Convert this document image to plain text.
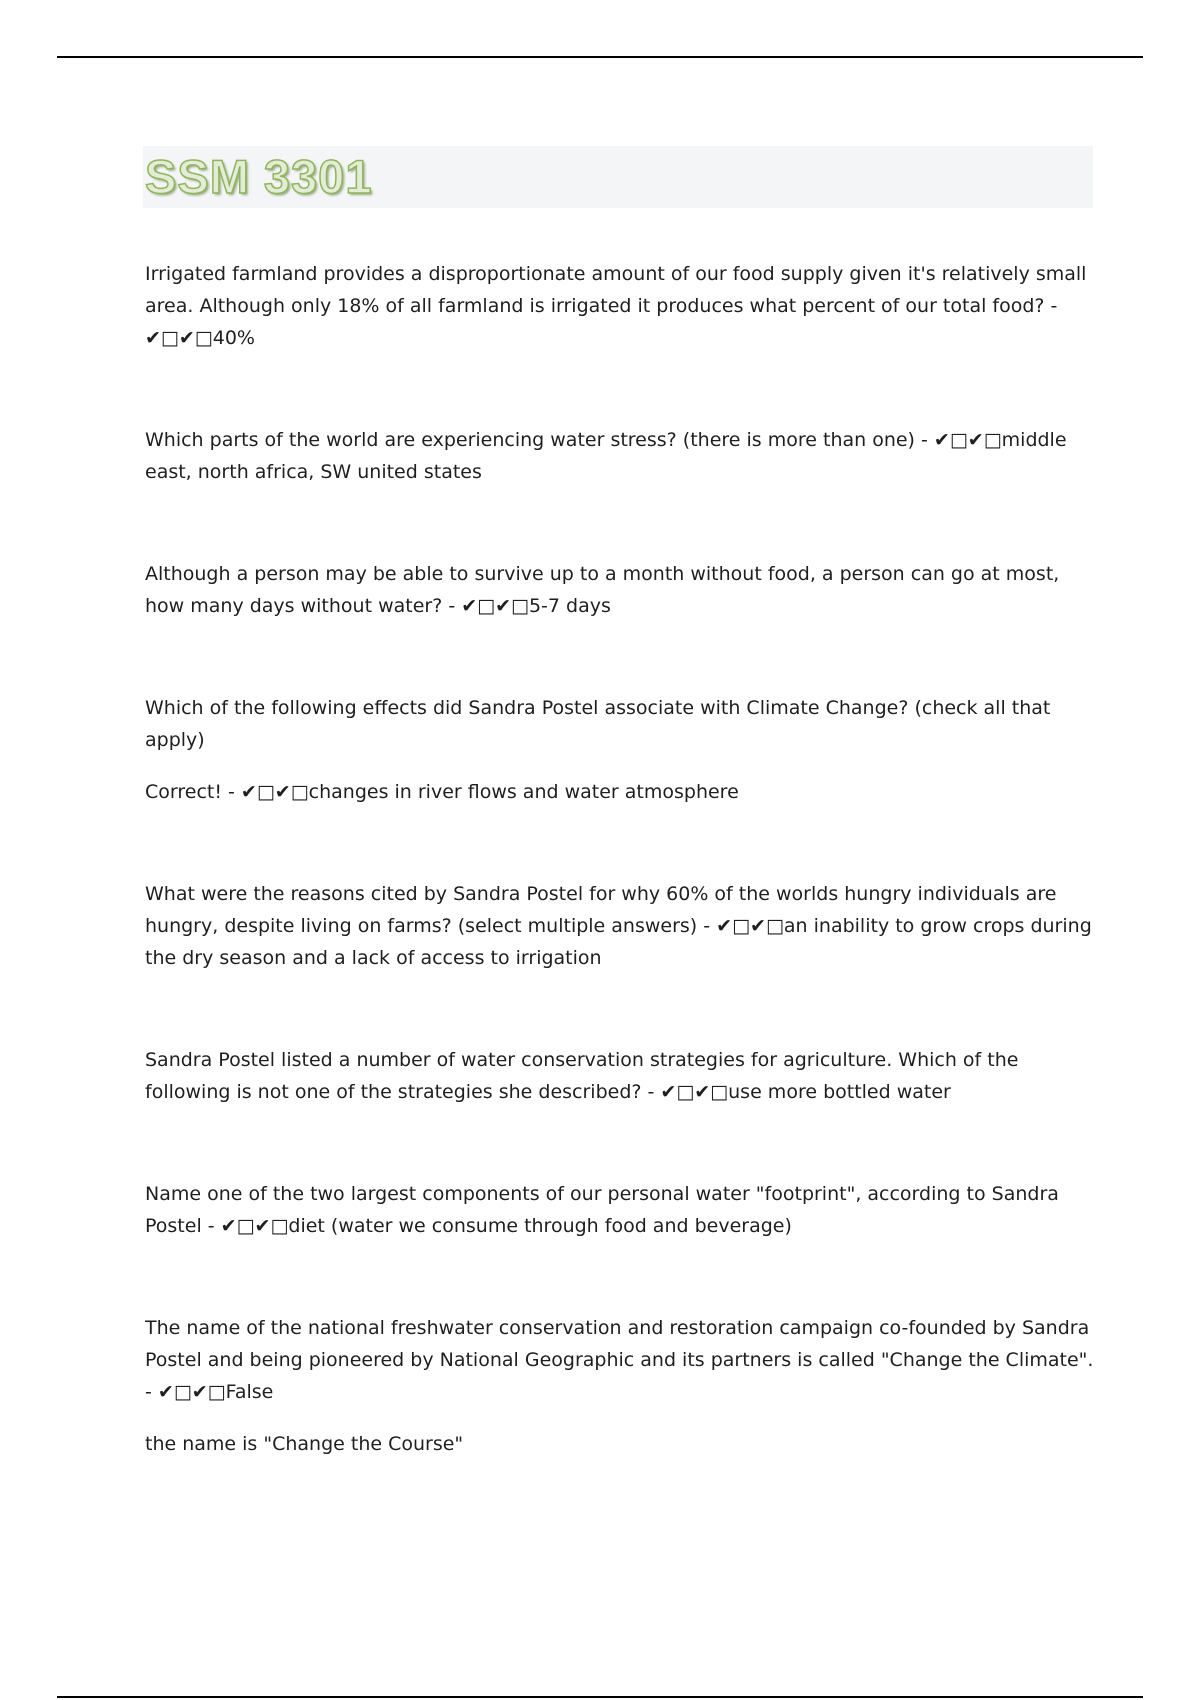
SSM 3301

Irrigated farmland provides a disproportionate amount of our food supply given it's relatively small area. Although only 18% of all farmland is irrigated it produces what percent of our total food? - ✔□✔□40%

Which parts of the world are experiencing water stress? (there is more than one) - ✔□✔□middle east, north africa, SW united states

Although a person may be able to survive up to a month without food, a person can go at most, how many days without water? - ✔□✔□5-7 days

Which of the following effects did Sandra Postel associate with Climate Change? (check all that apply)

Correct! - ✔□✔□changes in river flows and water atmosphere

What were the reasons cited by Sandra Postel for why 60% of the worlds hungry individuals are hungry, despite living on farms? (select multiple answers) - ✔□✔□an inability to grow crops during the dry season and a lack of access to irrigation

Sandra Postel listed a number of water conservation strategies for agriculture. Which of the following is not one of the strategies she described? - ✔□✔□use more bottled water

Name one of the two largest components of our personal water "footprint", according to Sandra Postel - ✔□✔□diet (water we consume through food and beverage)

The name of the national freshwater conservation and restoration campaign co-founded by Sandra Postel and being pioneered by National Geographic and its partners is called "Change the Climate". - ✔□✔□False

the name is "Change the Course"
